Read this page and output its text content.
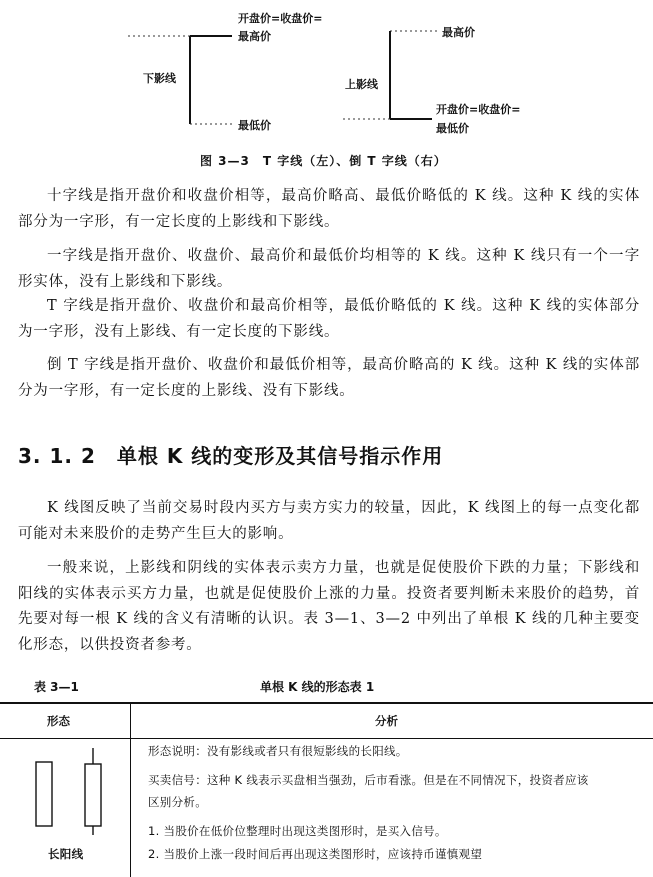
开盘价=收盘价=
最高价
下影线
最低价
最高价
上影线
开盘价=收盘价=
最低价
图 3—3　T 字线（左）、倒 T 字线（右）
十字线是指开盘价和收盘价相等，最高价略高、最低价略低的 K 线。这种 K 线的实体部分为一字形，有一定长度的上影线和下影线。
一字线是指开盘价、收盘价、最高价和最低价均相等的 K 线。这种 K 线只有一个一字形实体，没有上影线和下影线。
T 字线是指开盘价、收盘价和最高价相等，最低价略低的 K 线。这种 K 线的实体部分为一字形，没有上影线、有一定长度的下影线。
倒 T 字线是指开盘价、收盘价和最低价相等，最高价略高的 K 线。这种 K 线的实体部分为一字形，有一定长度的上影线、没有下影线。
3. 1. 2　单根 K 线的变形及其信号指示作用
K 线图反映了当前交易时段内买方与卖方实力的较量，因此，K 线图上的每一点变化都可能对未来股价的走势产生巨大的影响。
一般来说，上影线和阴线的实体表示卖方力量，也就是促使股价下跌的力量；下影线和阳线的实体表示买方力量，也就是促使股价上涨的力量。投资者要判断未来股价的趋势，首先要对每一根 K 线的含义有清晰的认识。表 3—1、3—2 中列出了单根 K 线的几种主要变化形态，以供投资者参考。
表 3—1	单根 K 线的形态表 1
形态	分析
长阳线
形态说明：没有影线或者只有很短影线的长阳线。
买卖信号：这种 K 线表示买盘相当强劲，后市看涨。但是在不同情况下，投资者应该
区别分析。
1. 当股价在低价位整理时出现这类图形时，是买入信号。
2. 当股价上涨一段时间后再出现这类图形时，应该持币谨慎观望
